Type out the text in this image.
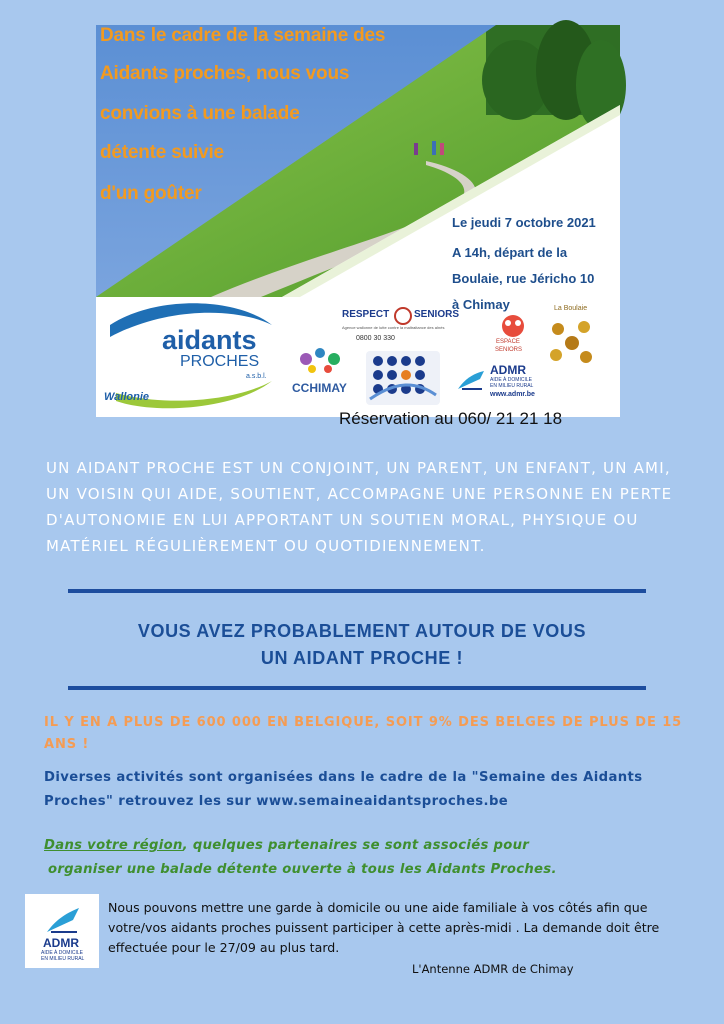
Dans le cadre de la semaine des
Aidants proches, nous vous
convions à une balade
détente suivie
d'un goûter
Le jeudi 7 octobre 2021
A 14h, départ de la
Boulaie, rue Jéricho 10
à Chimay
aidants
PROCHES
a.s.b.l.
Wallonie
CCHIMAY
RESPECT SENIORS
Agence wallonne de lutte contre la maltraitance des aînés
0800 30 330	ESPACE
SENIORS
La Boulaie
ADMR
AIDE À DOMICILE
EN MILIEU RURAL
www.admr.be
Réservation au 060/ 21 21 18
UN AIDANT PROCHE EST UN CONJOINT, UN PARENT, UN ENFANT, UN AMI, UN VOISIN QUI AIDE, SOUTIENT, ACCOMPAGNE UNE PERSONNE EN PERTE D'AUTONOMIE EN LUI APPORTANT UN SOUTIEN MORAL, PHYSIQUE OU MATÉRIEL RÉGULIÈREMENT OU QUOTIDIENNEMENT.
VOUS AVEZ PROBABLEMENT AUTOUR DE VOUS
UN AIDANT PROCHE !
IL Y EN A PLUS DE 600 000 EN BELGIQUE, SOIT 9% DES BELGES DE PLUS DE 15 ANS !
Diverses activités sont organisées dans le cadre de la "Semaine des Aidants Proches" retrouvez les sur www.semaineaidantsproches.be
Dans votre région, quelques partenaires se sont associés pour
organiser une balade détente ouverte à tous les Aidants Proches.
ADMR
AIDE À DOMICILE
EN MILIEU RURAL
Nous pouvons mettre une garde à domicile ou une aide familiale à vos côtés afin que votre/vos aidants proches puissent participer à cette après-midi . La demande doit être effectuée pour le 27/09 au plus tard.
L'Antenne ADMR de Chimay
